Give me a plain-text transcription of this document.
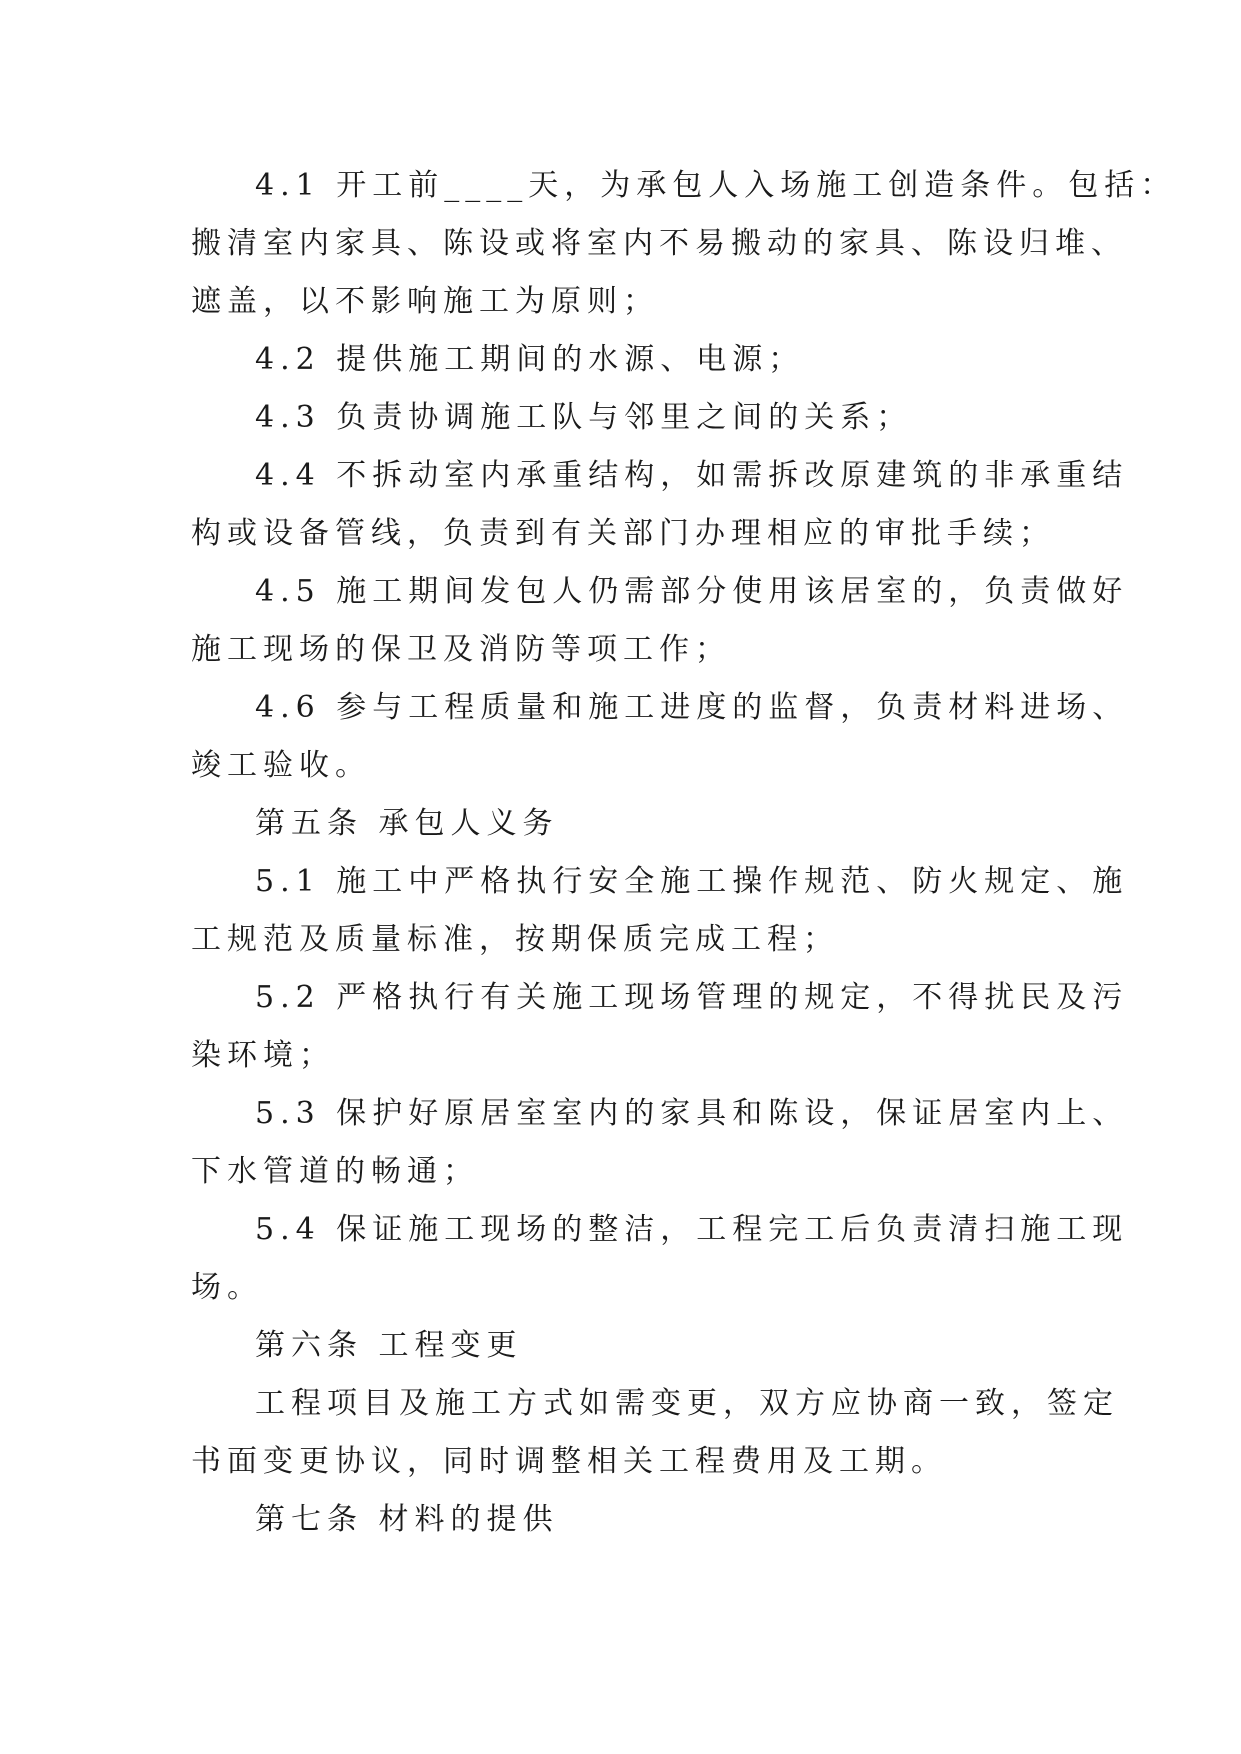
4.1 开工前____天，为承包人入场施工创造条件。包括：
搬清室内家具、陈设或将室内不易搬动的家具、陈设归堆、
遮盖，以不影响施工为原则；
4.2 提供施工期间的水源、电源；
4.3 负责协调施工队与邻里之间的关系；
4.4 不拆动室内承重结构，如需拆改原建筑的非承重结
构或设备管线，负责到有关部门办理相应的审批手续；
4.5 施工期间发包人仍需部分使用该居室的，负责做好
施工现场的保卫及消防等项工作；
4.6 参与工程质量和施工进度的监督，负责材料进场、
竣工验收。
第五条 承包人义务
5.1 施工中严格执行安全施工操作规范、防火规定、施
工规范及质量标准，按期保质完成工程；
5.2 严格执行有关施工现场管理的规定，不得扰民及污
染环境；
5.3 保护好原居室室内的家具和陈设，保证居室内上、
下水管道的畅通；
5.4 保证施工现场的整洁，工程完工后负责清扫施工现
场。
第六条 工程变更
工程项目及施工方式如需变更，双方应协商一致，签定
书面变更协议，同时调整相关工程费用及工期。
第七条 材料的提供
